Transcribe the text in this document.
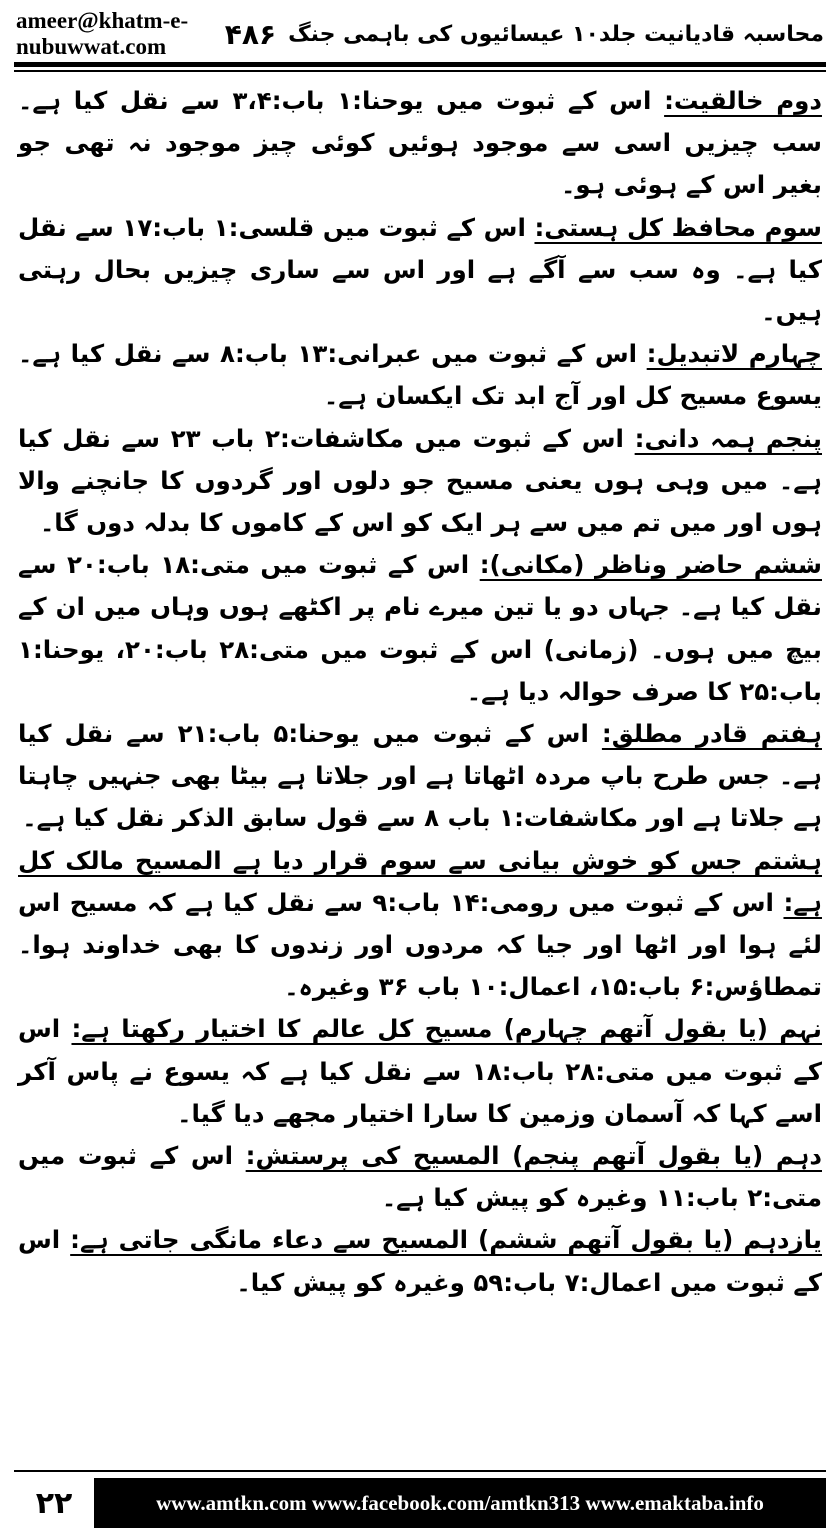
ameer@khatm-e-nubuwwat.com	۴۸۶ محاسبہ قادیانیت جلد۱۰ عیسائیوں کی باہمی جنگ

دوم خالقیت: اس کے ثبوت میں یوحنا:۱ باب:۳،۴ سے نقل کیا ہے۔ سب چیزیں اسی سے موجود ہوئیں کوئی چیز موجود نہ تھی جو بغیر اس کے ہوئی ہو۔

سوم محافظ کل ہستی: اس کے ثبوت میں قلسی:۱ باب:۱۷ سے نقل کیا ہے۔ وہ سب سے آگے ہے اور اس سے ساری چیزیں بحال رہتی ہیں۔

چہارم لاتبدیل: اس کے ثبوت میں عبرانی:۱۳ باب:۸ سے نقل کیا ہے۔ یسوع مسیح کل اور آج ابد تک ایکسان ہے۔

پنجم ہمہ دانی: اس کے ثبوت میں مکاشفات:۲ باب ۲۳ سے نقل کیا ہے۔ میں وہی ہوں یعنی مسیح جو دلوں اور گردوں کا جانچنے والا ہوں اور میں تم میں سے ہر ایک کو اس کے کاموں کا بدلہ دوں گا۔

ششم حاضر وناظر (مکانی): اس کے ثبوت میں متی:۱۸ باب:۲۰ سے نقل کیا ہے۔ جہاں دو یا تین میرے نام پر اکٹھے ہوں وہاں میں ان کے بیچ میں ہوں۔ (زمانی) اس کے ثبوت میں متی:۲۸ باب:۲۰، یوحنا:۱ باب:۲۵ کا صرف حوالہ دیا ہے۔

ہفتم قادر مطلق: اس کے ثبوت میں یوحنا:۵ باب:۲۱ سے نقل کیا ہے۔ جس طرح باپ مردہ اٹھاتا ہے اور جلاتا ہے بیٹا بھی جنہیں چاہتا ہے جلاتا ہے اور مکاشفات:۱ باب ۸ سے قول سابق الذکر نقل کیا ہے۔

ہشتم جس کو خوش بیانی سے سوم قرار دیا ہے المسیح مالک کل ہے: اس کے ثبوت میں رومی:۱۴ باب:۹ سے نقل کیا ہے کہ مسیح اس لئے ہوا اور اٹھا اور جیا کہ مردوں اور زندوں کا بھی خداوند ہوا۔ تمطاؤس:۶ باب:۱۵، اعمال:۱۰ باب ۳۶ وغیرہ۔

نہم (یا بقول آتھم چہارم) مسیح کل عالم کا اختیار رکھتا ہے: اس کے ثبوت میں متی:۲۸ باب:۱۸ سے نقل کیا ہے کہ یسوع نے پاس آکر اسے کہا کہ آسمان وزمین کا سارا اختیار مجھے دیا گیا۔

دہم (یا بقول آتھم پنجم) المسیح کی پرستش: اس کے ثبوت میں متی:۲ باب:۱۱ وغیرہ کو پیش کیا ہے۔

یازدہم (یا بقول آتھم ششم) المسیح سے دعاء مانگی جاتی ہے: اس کے ثبوت میں اعمال:۷ باب:۵۹ وغیرہ کو پیش کیا۔

۲۲	www.amtkn.com www.facebook.com/amtkn313 www.emaktaba.info
